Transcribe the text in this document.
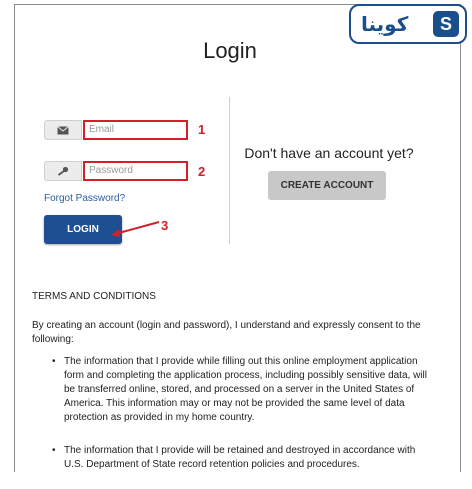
كوينا	S
Login
Email	1
Password	2
Forgot Password?
LOGIN	3
Don't have an account yet?
CREATE ACCOUNT
TERMS AND CONDITIONS
By creating an account (login and password), I understand and expressly consent to the following:
• The information that I provide while filling out this online employment application form and completing the application process, including possibly sensitive data, will be transferred online, stored, and processed on a server in the United States of America. This information may or may not be provided the same level of data protection as provided in my home country.
• The information that I provide will be retained and destroyed in accordance with U.S. Department of State record retention policies and procedures.
